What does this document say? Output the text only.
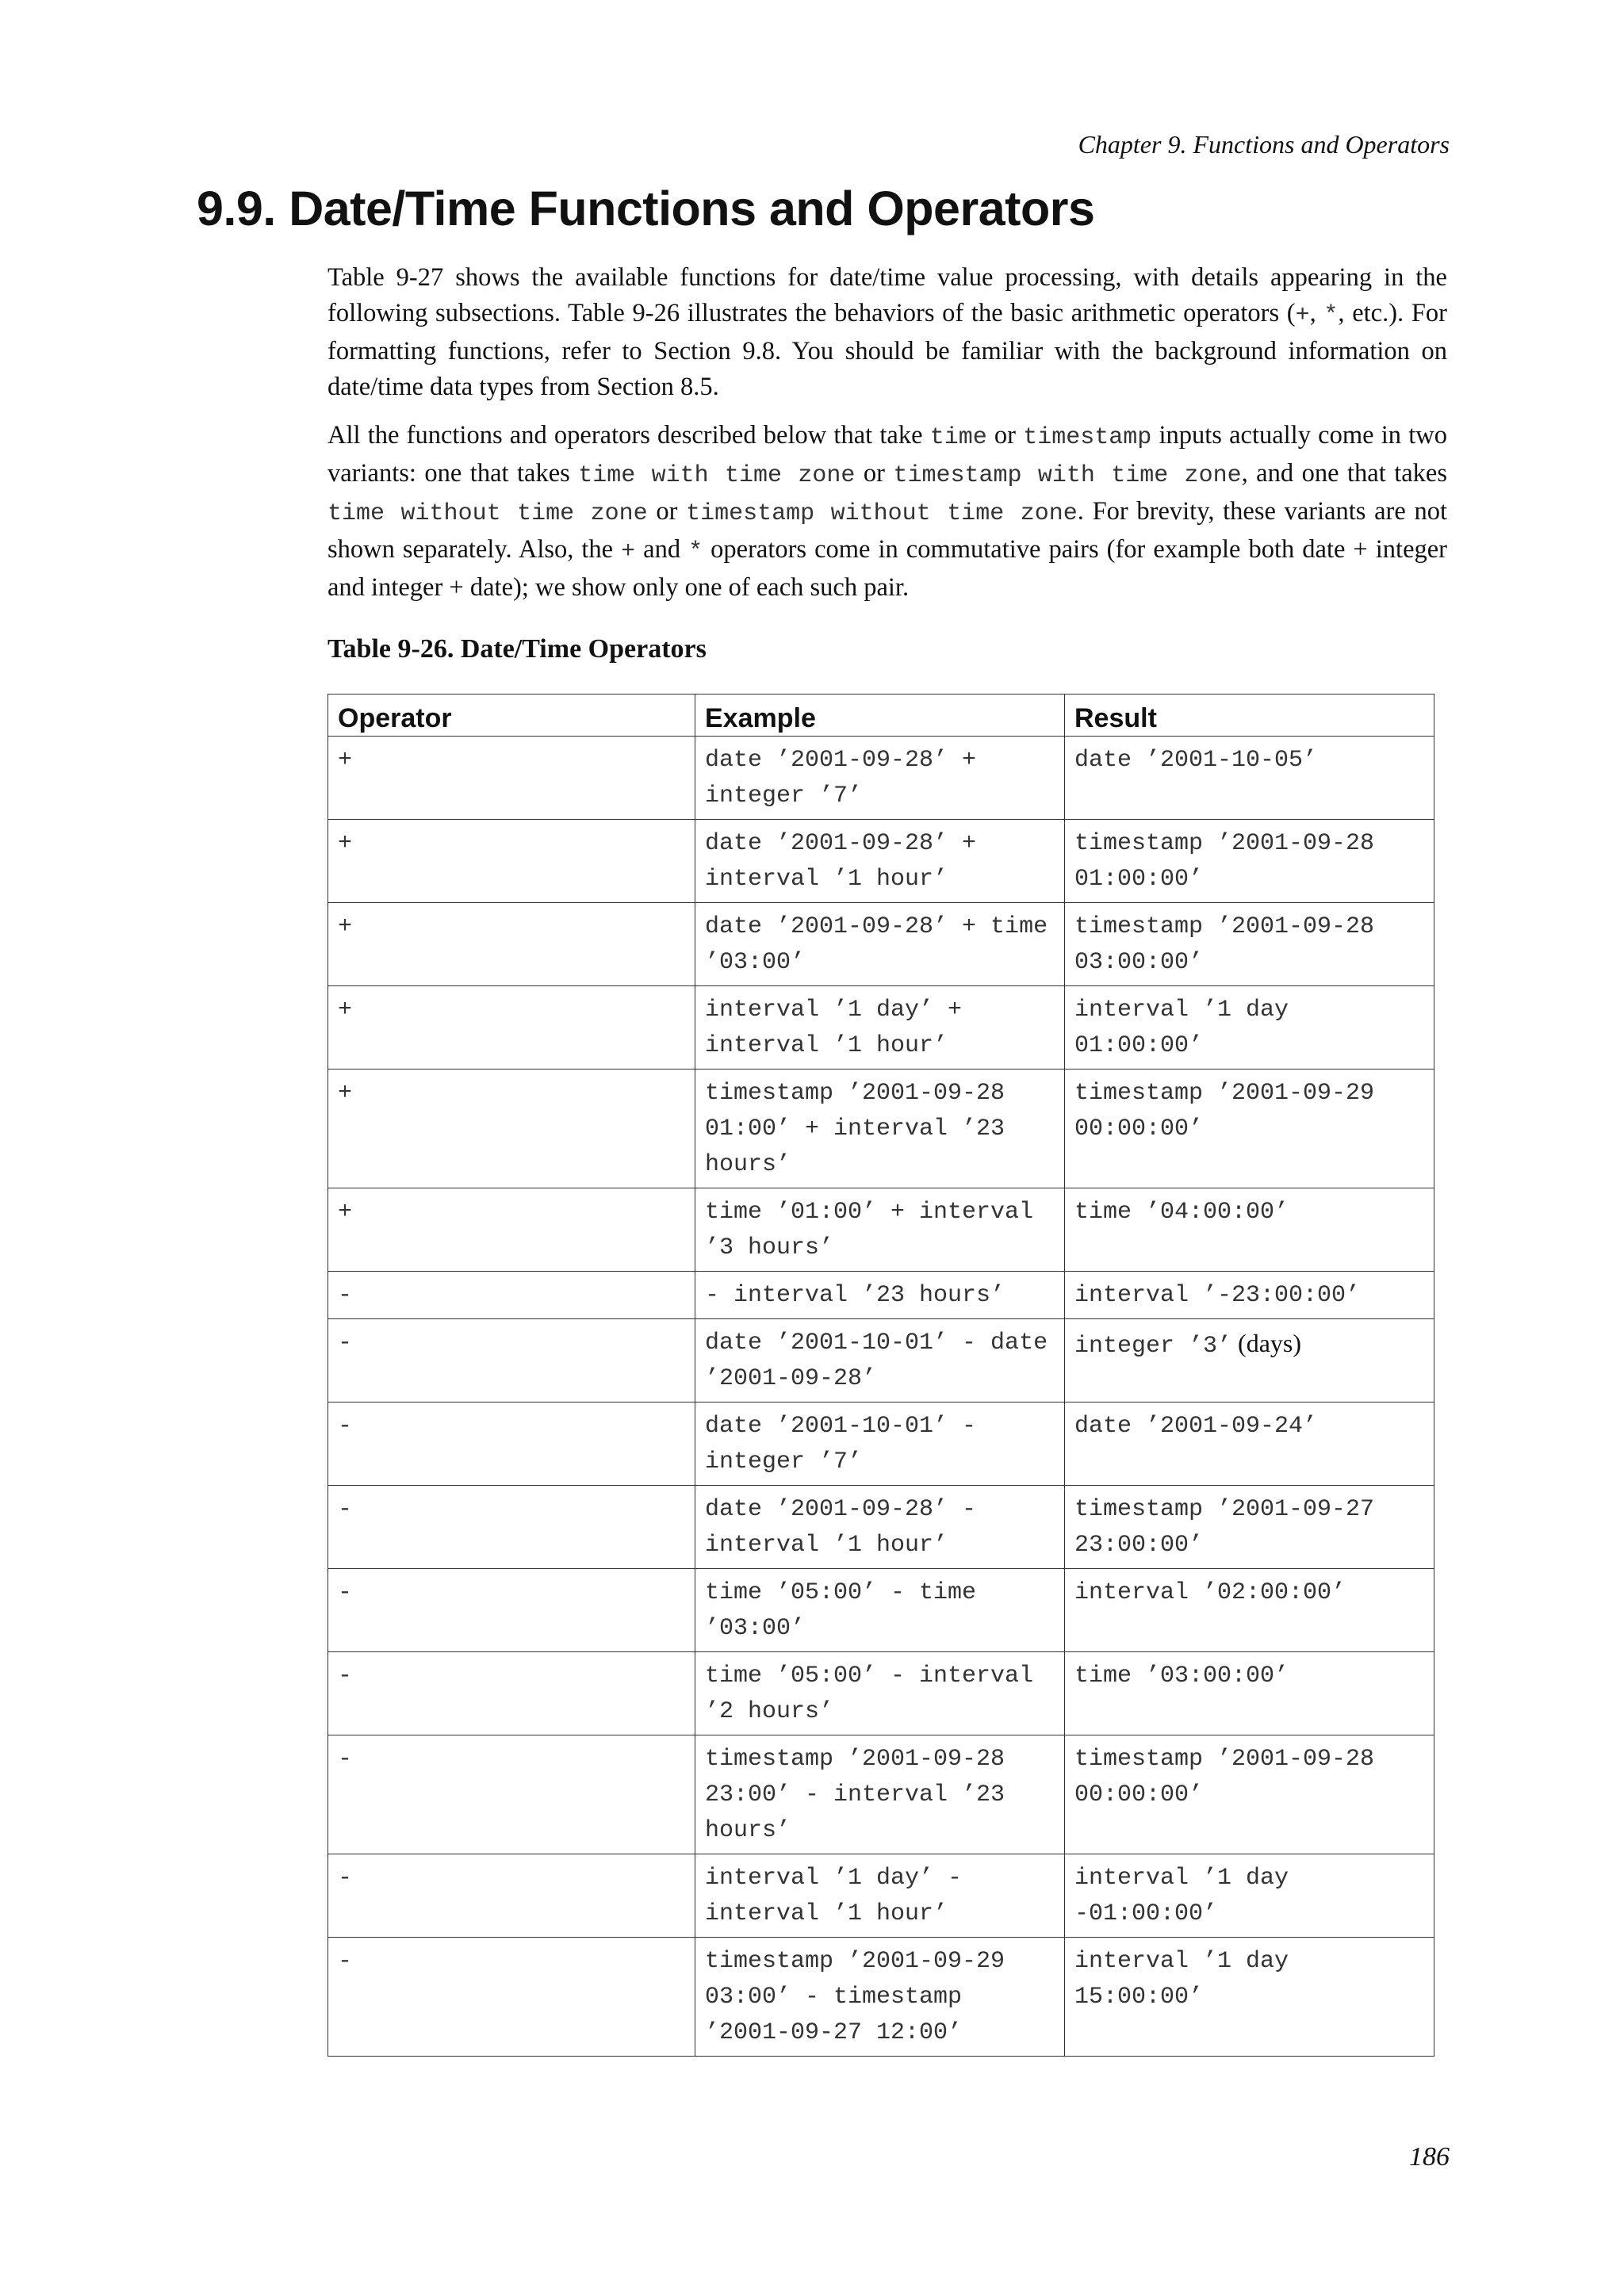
Chapter 9. Functions and Operators
9.9. Date/Time Functions and Operators

Table 9-27 shows the available functions for date/time value processing, with details appearing in the following subsections. Table 9-26 illustrates the behaviors of the basic arithmetic operators (+, *, etc.). For formatting functions, refer to Section 9.8. You should be familiar with the background information on date/time data types from Section 8.5.

All the functions and operators described below that take time or timestamp inputs actually come in two variants: one that takes time with time zone or timestamp with time zone, and one that takes time without time zone or timestamp without time zone. For brevity, these variants are not shown separately. Also, the + and * operators come in commutative pairs (for example both date + integer and integer + date); we show only one of each such pair.

Table 9-26. Date/Time Operators
Operator	Example	Result
+	date ’2001-09-28’ + integer ’7’	date ’2001-10-05’
+	date ’2001-09-28’ + interval ’1 hour’	timestamp ’2001-09-28 01:00:00’
+	date ’2001-09-28’ + time ’03:00’	timestamp ’2001-09-28 03:00:00’
+	interval ’1 day’ + interval ’1 hour’	interval ’1 day 01:00:00’
+	timestamp ’2001-09-28 01:00’ + interval ’23 hours’	timestamp ’2001-09-29 00:00:00’
+	time ’01:00’ + interval ’3 hours’	time ’04:00:00’
-	- interval ’23 hours’	interval ’-23:00:00’
-	date ’2001-10-01’ - date ’2001-09-28’	integer ’3’ (days)
-	date ’2001-10-01’ - integer ’7’	date ’2001-09-24’
-	date ’2001-09-28’ - interval ’1 hour’	timestamp ’2001-09-27 23:00:00’
-	time ’05:00’ - time ’03:00’	interval ’02:00:00’
-	time ’05:00’ - interval ’2 hours’	time ’03:00:00’
-	timestamp ’2001-09-28 23:00’ - interval ’23 hours’	timestamp ’2001-09-28 00:00:00’
-	interval ’1 day’ - interval ’1 hour’	interval ’1 day -01:00:00’
-	timestamp ’2001-09-29 03:00’ - timestamp ’2001-09-27 12:00’	interval ’1 day 15:00:00’
186
